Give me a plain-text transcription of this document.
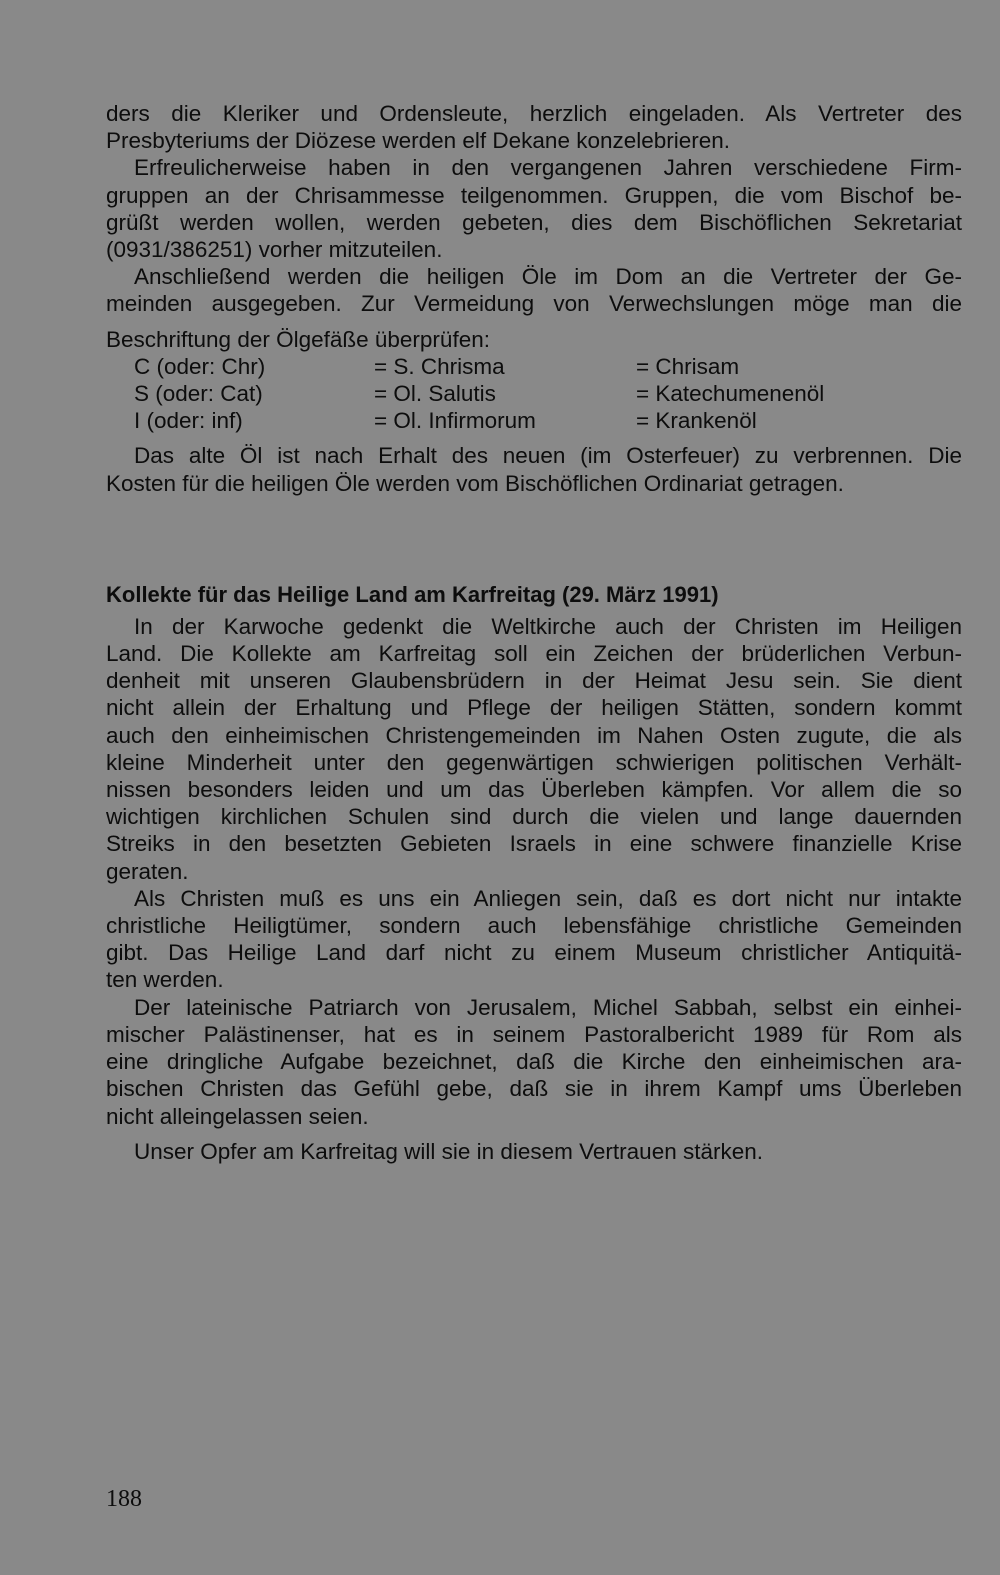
ders die Kleriker und Ordensleute, herzlich eingeladen. Als Vertreter des
Presbyteriums der Diözese werden elf Dekane konzelebrieren.
Erfreulicherweise haben in den vergangenen Jahren verschiedene Firm-
gruppen an der Chrisammesse teilgenommen. Gruppen, die vom Bischof be-
grüßt werden wollen, werden gebeten, dies dem Bischöflichen Sekretariat
(0931/386251) vorher mitzuteilen.
Anschließend werden die heiligen Öle im Dom an die Vertreter der Ge-
meinden ausgegeben. Zur Vermeidung von Verwechslungen möge man die
Beschriftung der Ölgefäße überprüfen:
C (oder: Chr)	= S. Chrisma	= Chrisam
S (oder: Cat)	= Ol. Salutis	= Katechumenenöl
I (oder: inf)	= Ol. Infirmorum	= Krankenöl
Das alte Öl ist nach Erhalt des neuen (im Osterfeuer) zu verbrennen. Die
Kosten für die heiligen Öle werden vom Bischöflichen Ordinariat getragen.
Kollekte für das Heilige Land am Karfreitag (29. März 1991)
In der Karwoche gedenkt die Weltkirche auch der Christen im Heiligen
Land. Die Kollekte am Karfreitag soll ein Zeichen der brüderlichen Verbun-
denheit mit unseren Glaubensbrüdern in der Heimat Jesu sein. Sie dient
nicht allein der Erhaltung und Pflege der heiligen Stätten, sondern kommt
auch den einheimischen Christengemeinden im Nahen Osten zugute, die als
kleine Minderheit unter den gegenwärtigen schwierigen politischen Verhält-
nissen besonders leiden und um das Überleben kämpfen. Vor allem die so
wichtigen kirchlichen Schulen sind durch die vielen und lange dauernden
Streiks in den besetzten Gebieten Israels in eine schwere finanzielle Krise
geraten.
Als Christen muß es uns ein Anliegen sein, daß es dort nicht nur intakte
christliche Heiligtümer, sondern auch lebensfähige christliche Gemeinden
gibt. Das Heilige Land darf nicht zu einem Museum christlicher Antiquitä-
ten werden.
Der lateinische Patriarch von Jerusalem, Michel Sabbah, selbst ein einhei-
mischer Palästinenser, hat es in seinem Pastoralbericht 1989 für Rom als
eine dringliche Aufgabe bezeichnet, daß die Kirche den einheimischen ara-
bischen Christen das Gefühl gebe, daß sie in ihrem Kampf ums Überleben
nicht alleingelassen seien.
Unser Opfer am Karfreitag will sie in diesem Vertrauen stärken.
188
